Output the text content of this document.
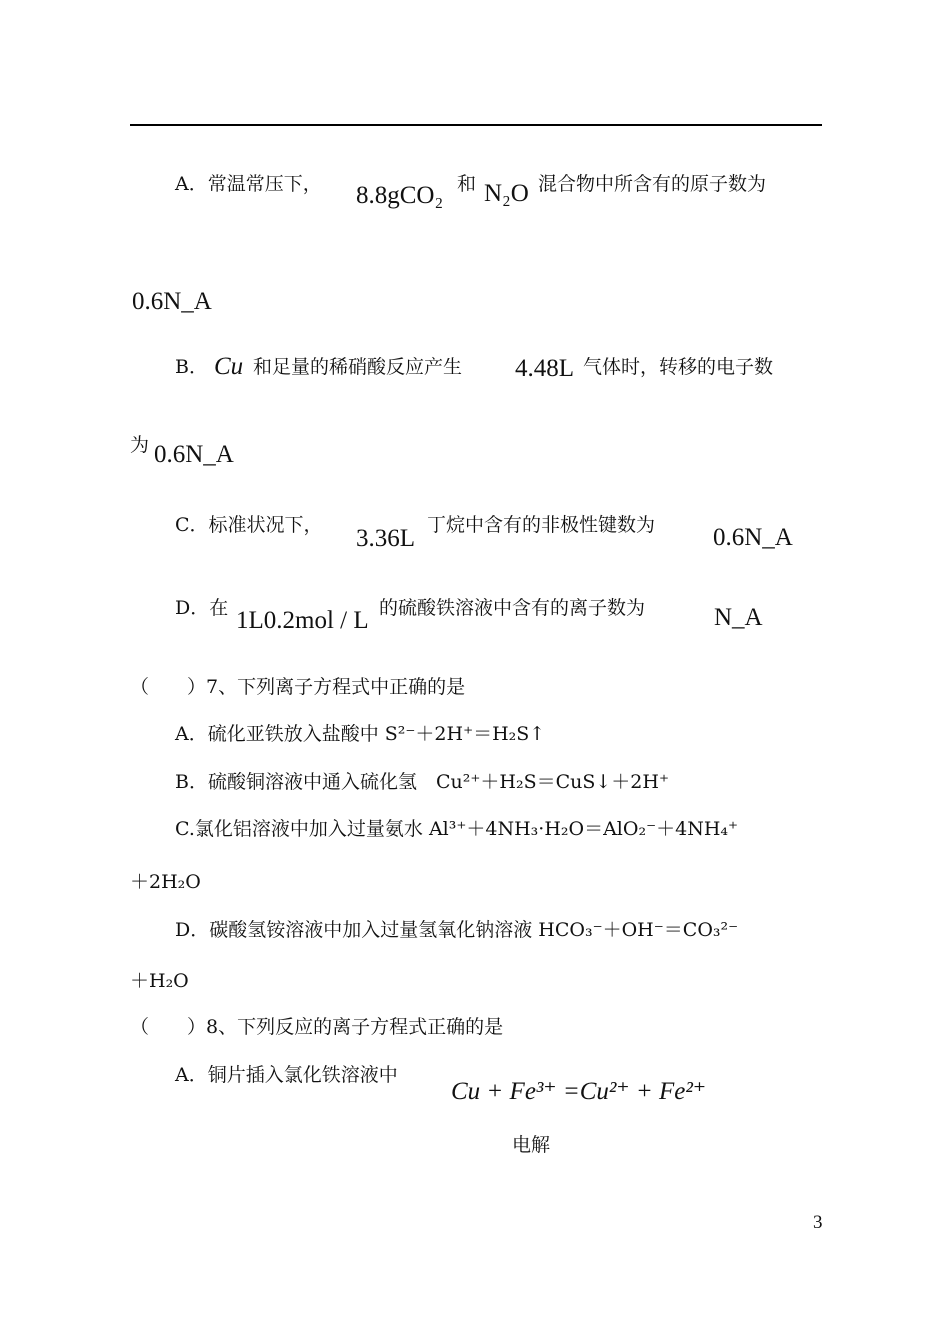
A．常温常压下， 8.8gCO₂ 和 N₂O 混合物中所含有的原子数为
0.6N_A
B． Cu 和足量的稀硝酸反应产生 4.48L 气体时，转移的电子数
为 0.6N_A
C．标准状况下， 3.36L 丁烷中含有的非极性键数为 0.6N_A
D．在 1L0.2mol / L 的硫酸铁溶液中含有的离子数为	N_A
（　　）7、下列离子方程式中正确的是
A．硫化亚铁放入盐酸中 S²⁻＋2H⁺＝H₂S↑
B．硫酸铜溶液中通入硫化氢　Cu²⁺＋H₂S＝CuS↓＋2H⁺
C.氯化铝溶液中加入过量氨水 Al³⁺＋4NH₃·H₂O＝AlO₂⁻＋4NH₄⁺
＋2H₂O
D．碳酸氢铵溶液中加入过量氢氧化钠溶液 HCO₃⁻＋OH⁻＝CO₃²⁻
＋H₂O
（　　）8、下列反应的离子方程式正确的是
A．铜片插入氯化铁溶液中
Cu + Fe³⁺ =Cu²⁺ + Fe²⁺
电解
3
